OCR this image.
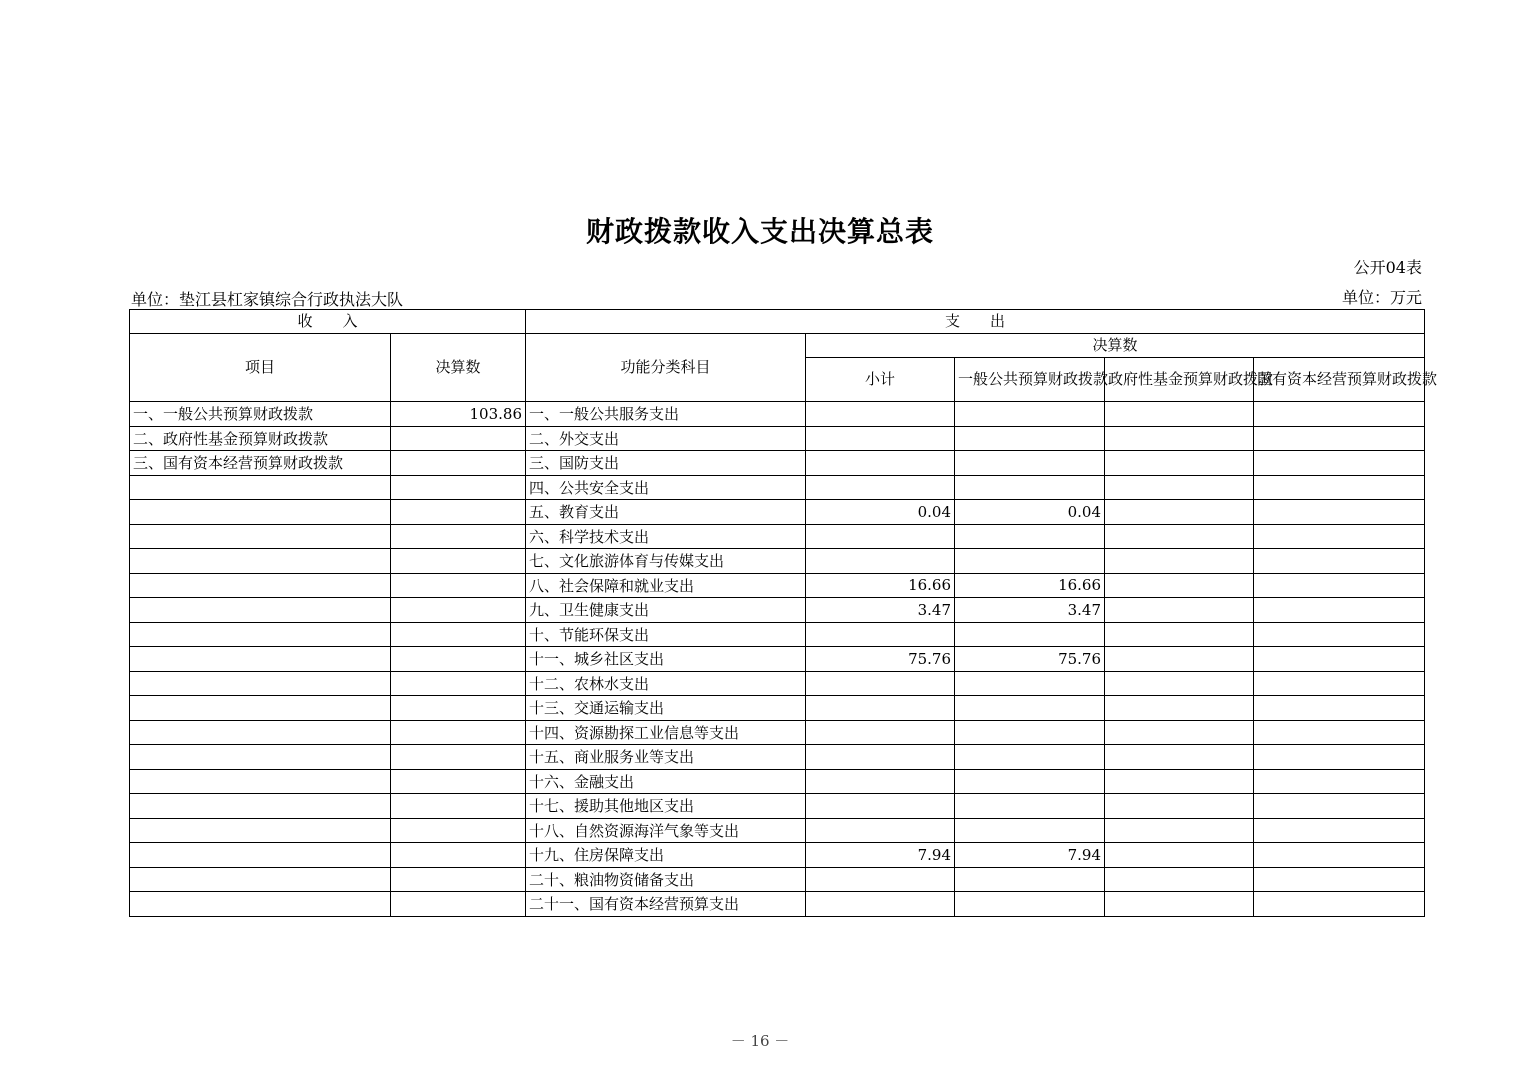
财政拨款收入支出决算总表
公开04表
单位：垫江县杠家镇综合行政执法大队	单位：万元
收　　入		支　　出				
项目	决算数	功能分类科目	决算数			
			小计	一般公共预算财政拨款	政府性基金预算财政拨款	国有资本经营预算财政拨款
一、一般公共预算财政拨款	103.86	一、一般公共服务支出				
二、政府性基金预算财政拨款		二、外交支出				
三、国有资本经营预算财政拨款		三、国防支出				
		四、公共安全支出				
		五、教育支出	0.04	0.04		
		六、科学技术支出				
		七、文化旅游体育与传媒支出				
		八、社会保障和就业支出	16.66	16.66		
		九、卫生健康支出	3.47	3.47		
		十、节能环保支出				
		十一、城乡社区支出	75.76	75.76		
		十二、农林水支出				
		十三、交通运输支出				
		十四、资源勘探工业信息等支出				
		十五、商业服务业等支出				
		十六、金融支出				
		十七、援助其他地区支出				
		十八、自然资源海洋气象等支出				
		十九、住房保障支出	7.94	7.94		
		二十、粮油物资储备支出				
		二十一、国有资本经营预算支出				
－ 16 －
